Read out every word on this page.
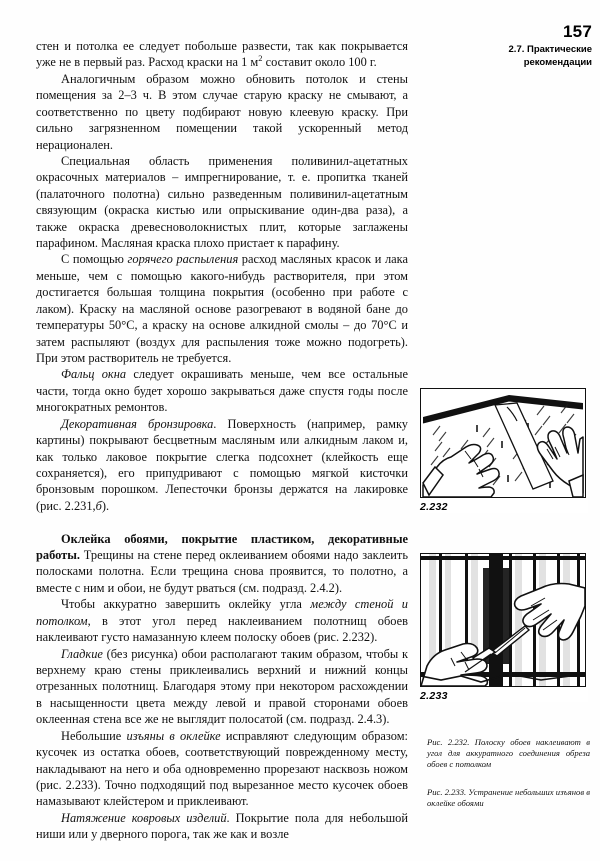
157
2.7. Практические
рекомендации

стен и потолка ее следует побольше развести, так как покрывается уже не в первый раз. Расход краски на 1 $м^2$ составит около 100 г.

Аналогичным образом можно обновить потолок и стены помещения за 2–3 ч. В этом случае старую краску не смывают, а соответственно по цвету подбирают новую клеевую краску. При сильно загрязненном помещении такой ускоренный метод нерационален.

Специальная область применения поливинил-ацетатных окрасочных материалов – импрегнирование, т. е. пропитка тканей (палаточного полотна) сильно разведенным поливинил-ацетатным связующим (окраска кистью или опрыскивание один-два раза), а также окраска древесноволокнистых плит, которые заглажены парафином. Масляная краска плохо пристает к парафину.

С помощью горячего распыления расход масляных красок и лака меньше, чем с помощью какого-нибудь растворителя, при этом достигается большая толщина покрытия (особенно при работе с лаком). Краску на масляной основе разогревают в водяной бане до температуры 50°С, а краску на основе алкидной смолы – до 70°С и затем распыляют (воздух для распыления тоже можно подогреть). При этом растворитель не требуется.

Фальц окна следует окрашивать меньше, чем все остальные части, тогда окно будет хорошо закрываться даже спустя годы после многократных ремонтов.

Декоративная бронзировка. Поверхность (например, рамку картины) покрывают бесцветным масляным или алкидным лаком и, как только лаковое покрытие слегка подсохнет (клейкость еще сохраняется), его припудривают с помощью мягкой кисточки бронзовым порошком. Лепесточки бронзы держатся на лакировке (рис. 2.231,б).

Оклейка обоями, покрытие пластиком, декоративные работы. Трещины на стене перед оклеиванием обоями надо заклеить полосками полотна. Если трещина снова проявится, то полотно, а вместе с ним и обои, не будут рваться (см. подразд. 2.4.2).

Чтобы аккуратно завершить оклейку угла между стеной и потолком, в этот угол перед наклеиванием полотнищ обоев наклеивают густо намазанную клеем полоску обоев (рис. 2.232).

Гладкие (без рисунка) обои располагают таким образом, чтобы к верхнему краю стены приклеивались верхний и нижний концы отрезанных полотнищ. Благодаря этому при некотором расхождении в насыщенности цвета между левой и правой сторонами обоев оклеенная стена все же не выглядит полосатой (см. подразд. 2.4.3).

Небольшие изъяны в оклейке исправляют следующим образом: кусочек из остатка обоев, соответствующий поврежденному месту, накладывают на него и оба одновременно прорезают насквозь ножом (рис. 2.233). Точно подходящий под вырезанное место кусочек обоев намазывают клейстером и приклеивают.

Натяжение ковровых изделий. Покрытие пола для небольшой ниши или у дверного порога, так же как и возле

2.232
2.233
Рис. 2.232. Полоску обоев наклеивают в угол для аккуратного соединения обреза обоев с потолком
Рис. 2.233. Устранение небольших изъянов в оклейке обоями
